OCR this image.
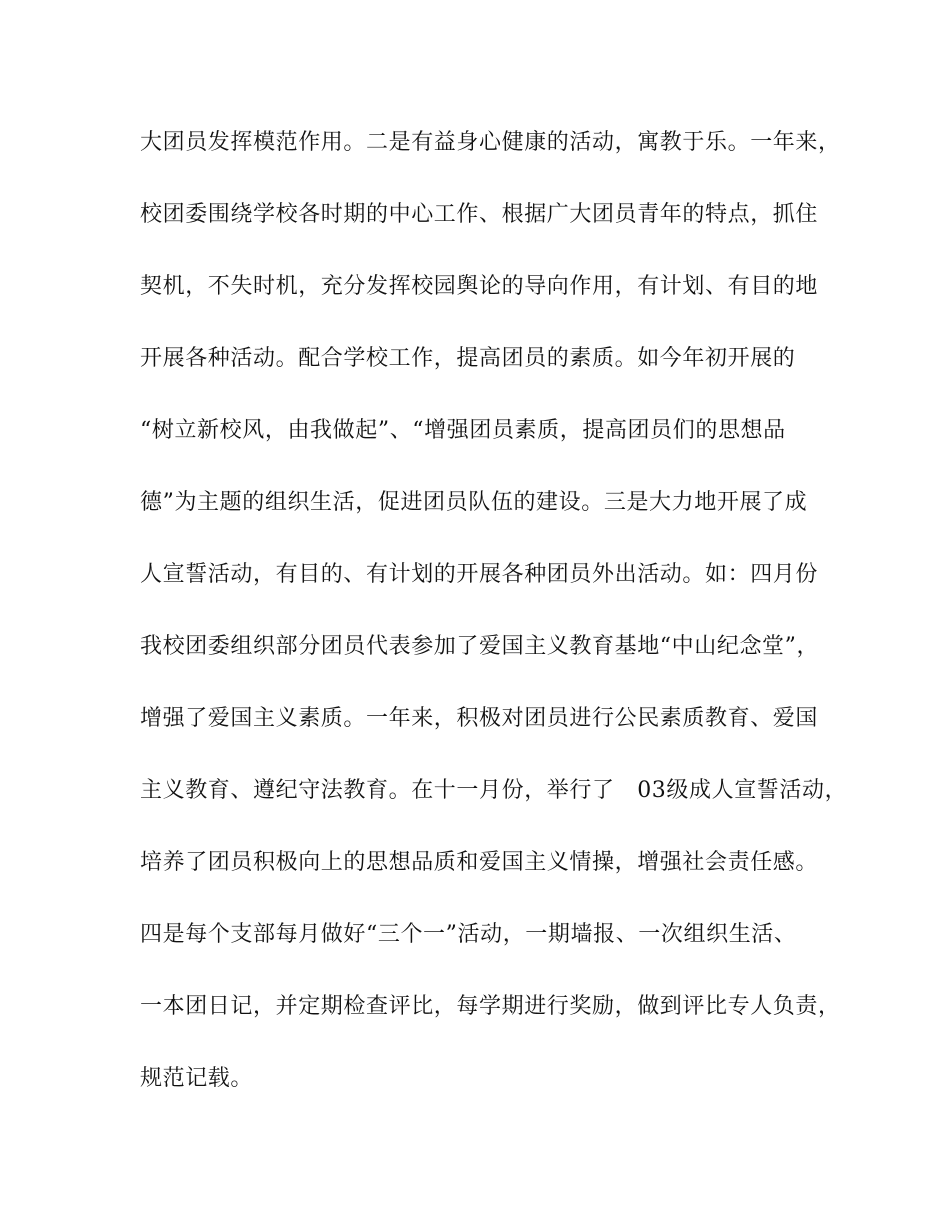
大团员发挥模范作用。二是有益身心健康的活动，寓教于乐。一年来，
校团委围绕学校各时期的中心工作、根据广大团员青年的特点，抓住
契机，不失时机，充分发挥校园舆论的导向作用，有计划、有目的地
开展各种活动。配合学校工作，提高团员的素质。如今年初开展的
“树立新校风，由我做起”、“增强团员素质，提高团员们的思想品
德”为主题的组织生活，促进团员队伍的建设。三是大力地开展了成
人宣誓活动，有目的、有计划的开展各种团员外出活动。如：四月份
我校团委组织部分团员代表参加了爱国主义教育基地“中山纪念堂”，
增强了爱国主义素质。一年来，积极对团员进行公民素质教育、爱国
主义教育、遵纪守法教育。在十一月份，举行了　03级成人宣誓活动，
培养了团员积极向上的思想品质和爱国主义情操，增强社会责任感。
四是每个支部每月做好“三个一”活动，一期墙报、一次组织生活、
一本团日记，并定期检查评比，每学期进行奖励，做到评比专人负责，
规范记载。
